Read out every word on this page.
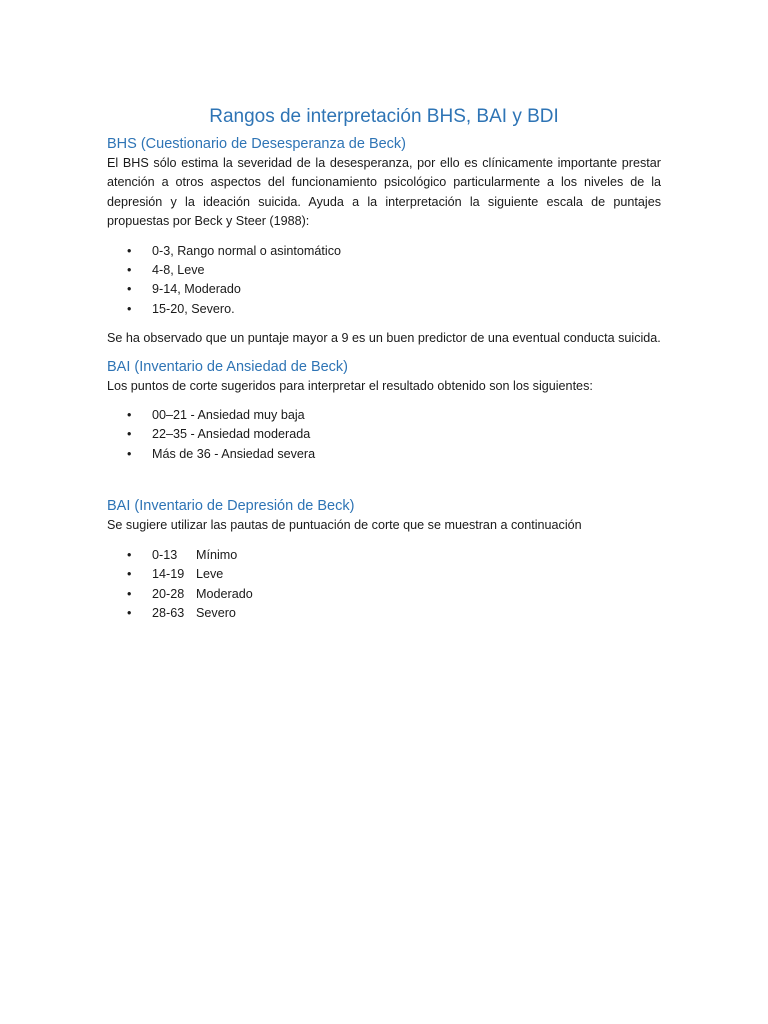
Rangos de interpretación BHS, BAI y BDI
BHS (Cuestionario de Desesperanza de Beck)

El BHS sólo estima la severidad de la desesperanza, por ello es clínicamente importante prestar atención a otros aspectos del funcionamiento psicológico particularmente a los niveles de la depresión y la ideación suicida. Ayuda a la interpretación la siguiente escala de puntajes propuestas por Beck y Steer (1988):

• 0-3, Rango normal o asintomático
• 4-8, Leve
• 9-14, Moderado
• 15-20, Severo.

Se ha observado que un puntaje mayor a 9 es un buen predictor de una eventual conducta suicida.

BAI (Inventario de Ansiedad de Beck)

Los puntos de corte sugeridos para interpretar el resultado obtenido son los siguientes:

• 00–21 - Ansiedad muy baja
• 22–35 - Ansiedad moderada
• Más de 36 - Ansiedad severa
BAI (Inventario de Depresión de Beck)

Se sugiere utilizar las pautas de puntuación de corte que se muestran a continuación

• 0-13 Mínimo
• 14-19 Leve
• 20-28 Moderado
• 28-63 Severo
